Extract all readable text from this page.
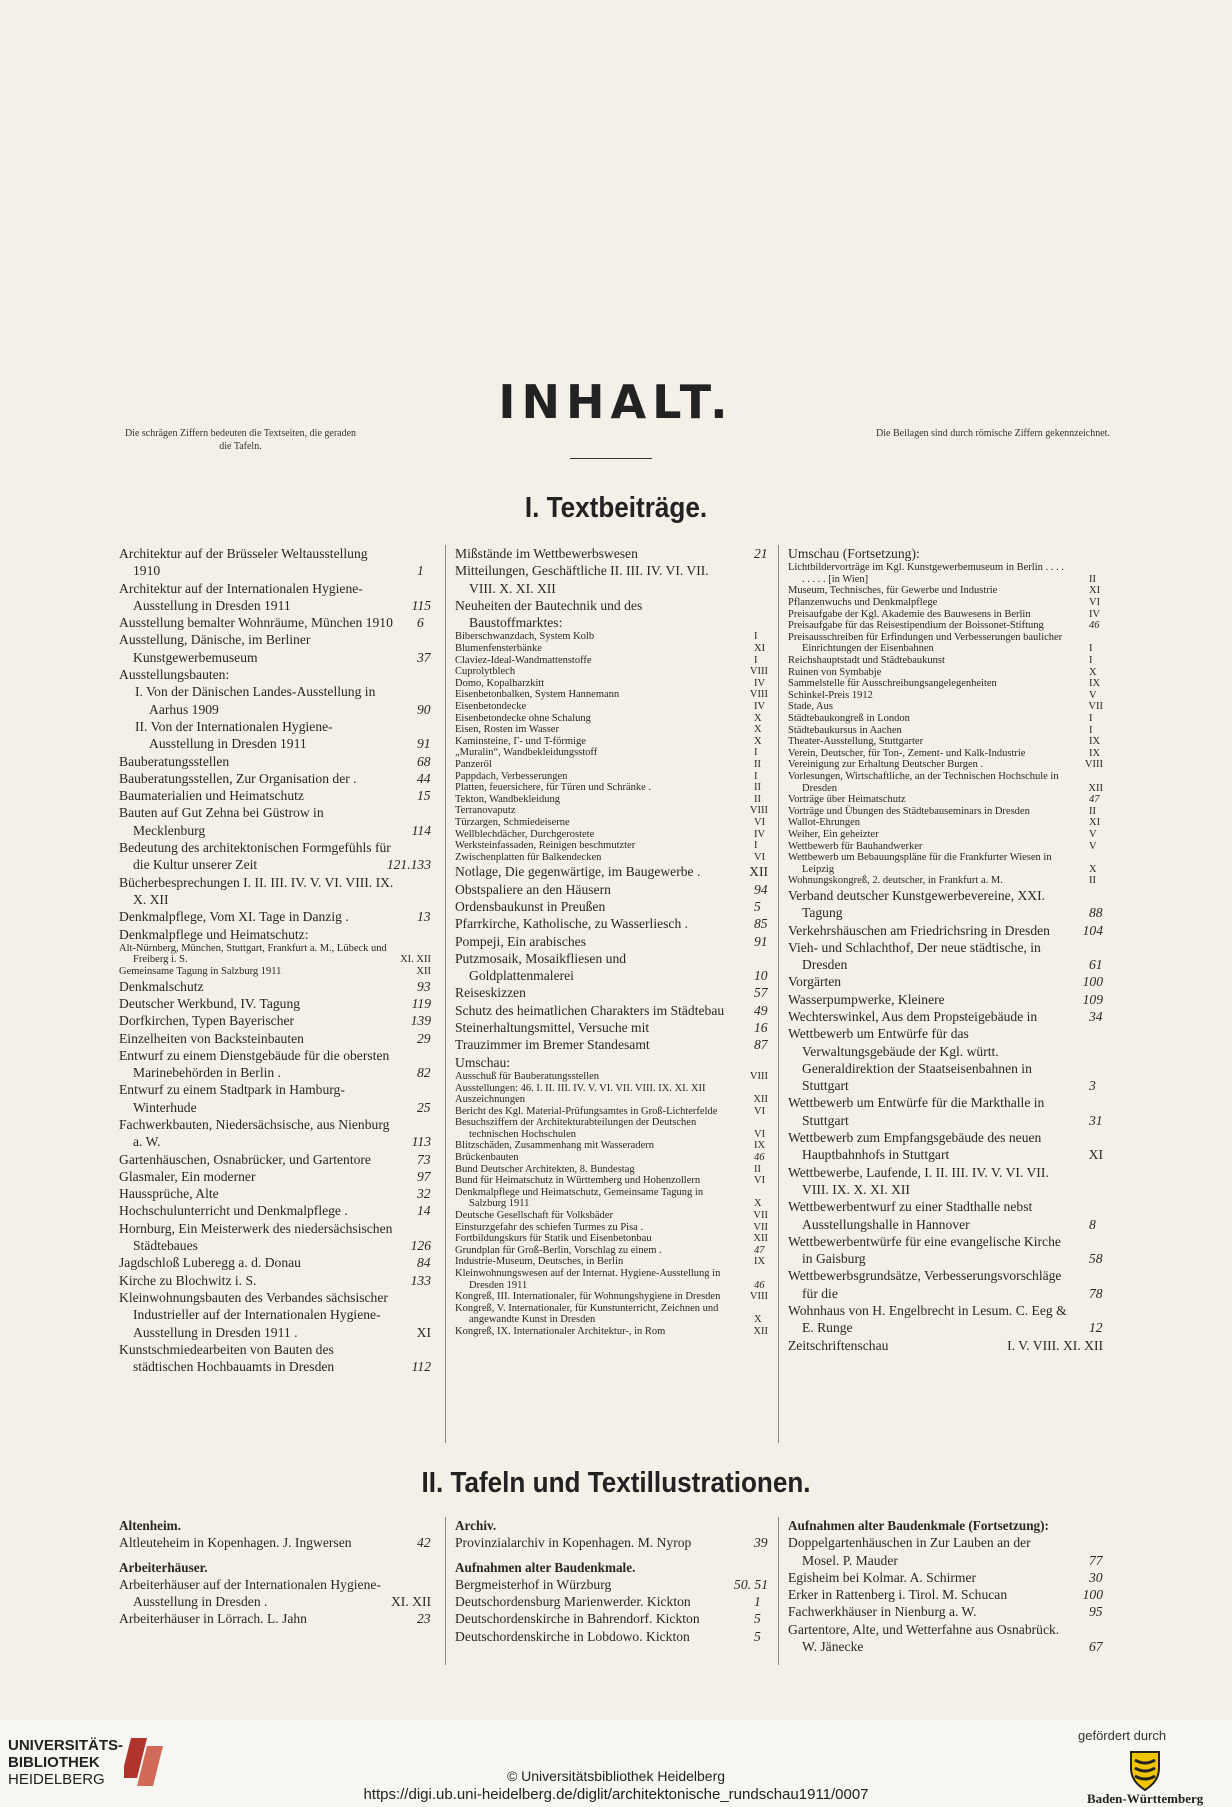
Die schrägen Ziffern bedeuten die Textseiten, die geraden die Tafeln.
Die Beilagen sind durch römische Ziffern gekennzeichnet.
INHALT.
I. Textbeiträge.
Architektur auf der Brüsseler Weltausstellung 1910	1
Architektur auf der Internationalen Hygiene-Ausstellung in Dresden 1911	115
Ausstellung bemalter Wohnräume, München 1910 6
Ausstellung, Dänische, im Berliner Kunstgewerbemuseum	37
Ausstellungsbauten:
I. Von der Dänischen Landes-Ausstellung in Aarhus 1909	90
II. Von der Internationalen Hygiene-Ausstellung in Dresden 1911	91
Bauberatungsstellen	68
Bauberatungsstellen, Zur Organisation der .	44
Baumaterialien und Heimatschutz	15
Bauten auf Gut Zehna bei Güstrow in Mecklenburg	114
Bedeutung des architektonischen Formgefühls für die Kultur unserer Zeit	121.133
Bücherbesprechungen I. II. III. IV. V. VI. VIII. IX. X. XII
Denkmalpflege, Vom XI. Tage in Danzig .	13
Denkmalpflege und Heimatschutz:
Alt-Nürnberg, München, Stuttgart, Frankfurt a. M., Lübeck und Freiberg i. S.	XI. XII
Gemeinsame Tagung in Salzburg 1911	XII
Denkmalschutz	93
Deutscher Werkbund, IV. Tagung	119
Dorfkirchen, Typen Bayerischer	139
Einzelheiten von Backsteinbauten	29
Entwurf zu einem Dienstgebäude für die obersten Marinebehörden in Berlin .	82
Entwurf zu einem Stadtpark in Hamburg-Winterhude	25
Fachwerkbauten, Niedersächsische, aus Nienburg a. W.	113
Gartenhäuschen, Osnabrücker, und Gartentore	73
Glasmaler, Ein moderner	97
Haussprüche, Alte	32
Hochschulunterricht und Denkmalpflege .	14
Hornburg, Ein Meisterwerk des niedersächsischen Städtebaues	126
Jagdschloß Luberegg a. d. Donau	84
Kirche zu Blochwitz i. S.	133
Kleinwohnungsbauten des Verbandes sächsischer Industrieller auf der Internationalen Hygiene-Ausstellung in Dresden 1911 .	XI
Kunstschmiedearbeiten von Bauten des städtischen Hochbauamts in Dresden	112
Mißstände im Wettbewerbswesen	21
Mitteilungen, Geschäftliche II. III. IV. VI. VII. VIII. X. XI. XII
Neuheiten der Bautechnik und des Baustoffmarktes:
Biberschwanzdach, System Kolb	I
Blumenfensterbänke	XI
Claviez-Ideal-Wandmattenstoffe	I
Cuprolytblech	VIII
Domo, Kopalharzkitt	IV
Eisenbetonbalken, System Hannemann	VIII
Eisenbetondecke	IV
Eisenbetondecke ohne Schalung	X
Eisen, Rosten im Wasser	X
Kaminsteine, Γ- und T-förmige	X
„Muralin“, Wandbekleidungsstoff	I
Panzeröl	II
Pappdach, Verbesserungen	I
Platten, feuersichere, für Türen und Schränke .	II
Tekton, Wandbekleidung	II
Terranovaputz	VIII
Türzargen, Schmiedeiserne	VI
Wellblechdächer, Durchgerostete	IV
Werksteinfassaden, Reinigen beschmutzter	I
Zwischenplatten für Balkendecken	VI
Notlage, Die gegenwärtige, im Baugewerbe .	XII
Obstspaliere an den Häusern	94
Ordensbaukunst in Preußen	5
Pfarrkirche, Katholische, zu Wasserliesch .	85
Pompeji, Ein arabisches	91
Putzmosaik, Mosaikfliesen und Goldplattenmalerei	10
Reiseskizzen	57
Schutz des heimatlichen Charakters im Städtebau 49
Steinerhaltungsmittel, Versuche mit	16
Trauzimmer im Bremer Standesamt	87
Umschau:
Ausschuß für Bauberatungsstellen	VIII
Ausstellungen: 46. I. II. III. IV. V. VI. VII. VIII. IX. XI. XII
Auszeichnungen	XII
Bericht des Kgl. Material-Prüfungsamtes in Groß-Lichterfelde	VI
Besuchsziffern der Architekturabteilungen der Deutschen technischen Hochschulen	VI
Blitzschäden, Zusammenhang mit Wasseradern	IX
Brückenbauten	46
Bund Deutscher Architekten, 8. Bundestag	II
Bund für Heimatschutz in Württemberg und Hohenzollern	VI
Denkmalpflege und Heimatschutz, Gemeinsame Tagung in Salzburg 1911	X
Deutsche Gesellschaft für Volksbäder	VII
Einsturzgefahr des schiefen Turmes zu Pisa .	VII
Fortbildungskurs für Statik und Eisenbetonbau	XII
Grundplan für Groß-Berlin, Vorschlag zu einem .	47
Industrie-Museum, Deutsches, in Berlin	IX
Kleinwohnungswesen auf der Internat. Hygiene-Ausstellung in Dresden 1911	46
Kongreß, III. Internationaler, für Wohnungshygiene in Dresden	VIII
Kongreß, V. Internationaler, für Kunstunterricht, Zeichnen und angewandte Kunst in Dresden	X
Kongreß, IX. Internationaler Architektur-, in Rom	XII
Umschau (Fortsetzung):
Lichtbildervorträge im Kgl. Kunstgewerbemuseum in Berlin . . . . . . . . . [in Wien]	II
Museum, Technisches, für Gewerbe und Industrie	XI
Pflanzenwuchs und Denkmalpflege	VI
Preisaufgabe der Kgl. Akademie des Bauwesens in Berlin	IV
Preisaufgabe für das Reisestipendium der Boissonet-Stiftung	46
Preisausschreiben für Erfindungen und Verbesserungen baulicher Einrichtungen der Eisenbahnen	I
Reichshauptstadt und Städtebaukunst	I
Ruinen von Symbabje	X
Sammelstelle für Ausschreibungsangelegenheiten	IX
Schinkel-Preis 1912	V
Stade, Aus	VII
Städtebaukongreß in London	I
Städtebaukursus in Aachen	I
Theater-Ausstellung, Stuttgarter	IX
Verein, Deutscher, für Ton-, Zement- und Kalk-Industrie	IX
Vereinigung zur Erhaltung Deutscher Burgen .	VIII
Vorlesungen, Wirtschaftliche, an der Technischen Hochschule in Dresden	XII
Vorträge über Heimatschutz	47
Vorträge und Übungen des Städtebauseminars in Dresden	II
Wallot-Ehrungen	XI
Weiher, Ein geheizter	V
Wettbewerb für Bauhandwerker	V
Wettbewerb um Bebauungspläne für die Frankfurter Wiesen in Leipzig	X
Wohnungskongreß, 2. deutscher, in Frankfurt a. M.	II
Verband deutscher Kunstgewerbevereine, XXI. Tagung	88
Verkehrshäuschen am Friedrichsring in Dresden 104
Vieh- und Schlachthof, Der neue städtische, in Dresden	61
Vorgärten	100
Wasserpumpwerke, Kleinere	109
Wechterswinkel, Aus dem Propsteigebäude in	34
Wettbewerb um Entwürfe für das Verwaltungsgebäude der Kgl. württ. Generaldirektion der Staatseisenbahnen in Stuttgart	3
Wettbewerb um Entwürfe für die Markthalle in Stuttgart	31
Wettbewerb zum Empfangsgebäude des neuen Hauptbahnhofs in Stuttgart	XI
Wettbewerbe, Laufende, I. II. III. IV. V. VI. VII. VIII. IX. X. XI. XII
Wettbewerbentwurf zu einer Stadthalle nebst Ausstellungshalle in Hannover	8
Wettbewerbentwürfe für eine evangelische Kirche in Gaisburg	58
Wettbewerbsgrundsätze, Verbesserungsvorschläge für die	78
Wohnhaus von H. Engelbrecht in Lesum. C. Eeg & E. Runge	12
Zeitschriftenschau	I. V. VIII. XI. XII
II. Tafeln und Textillustrationen.
Altenheim.
Altleuteheim in Kopenhagen. J. Ingwersen	42
Arbeiterhäuser.
Arbeiterhäuser auf der Internationalen Hygiene-Ausstellung in Dresden .	XI. XII
Arbeiterhäuser in Lörrach. L. Jahn	23
Archiv.
Provinzialarchiv in Kopenhagen. M. Nyrop	39
Aufnahmen alter Baudenkmale.
Bergmeisterhof in Würzburg	50. 51
Deutschordensburg Marienwerder. Kickton	1
Deutschordenskirche in Bahrendorf. Kickton	5
Deutschordenskirche in Lobdowo. Kickton	5
Aufnahmen alter Baudenkmale (Fortsetzung):
Doppelgartenhäuschen in Zur Lauben an der Mosel. P. Mauder	77
Egisheim bei Kolmar. A. Schirmer	30
Erker in Rattenberg i. Tirol. M. Schucan	100
Fachwerkhäuser in Nienburg a. W.	95
Gartentore, Alte, und Wetterfahne aus Osnabrück. W. Jänecke	67
UNIVERSITÄTS-
BIBLIOTHEK
HEIDELBERG	© Universitätsbibliothek Heidelberg
https://digi.ub.uni-heidelberg.de/diglit/architektonische_rundschau1911/0007
gefördert durch
Baden-Württemberg
